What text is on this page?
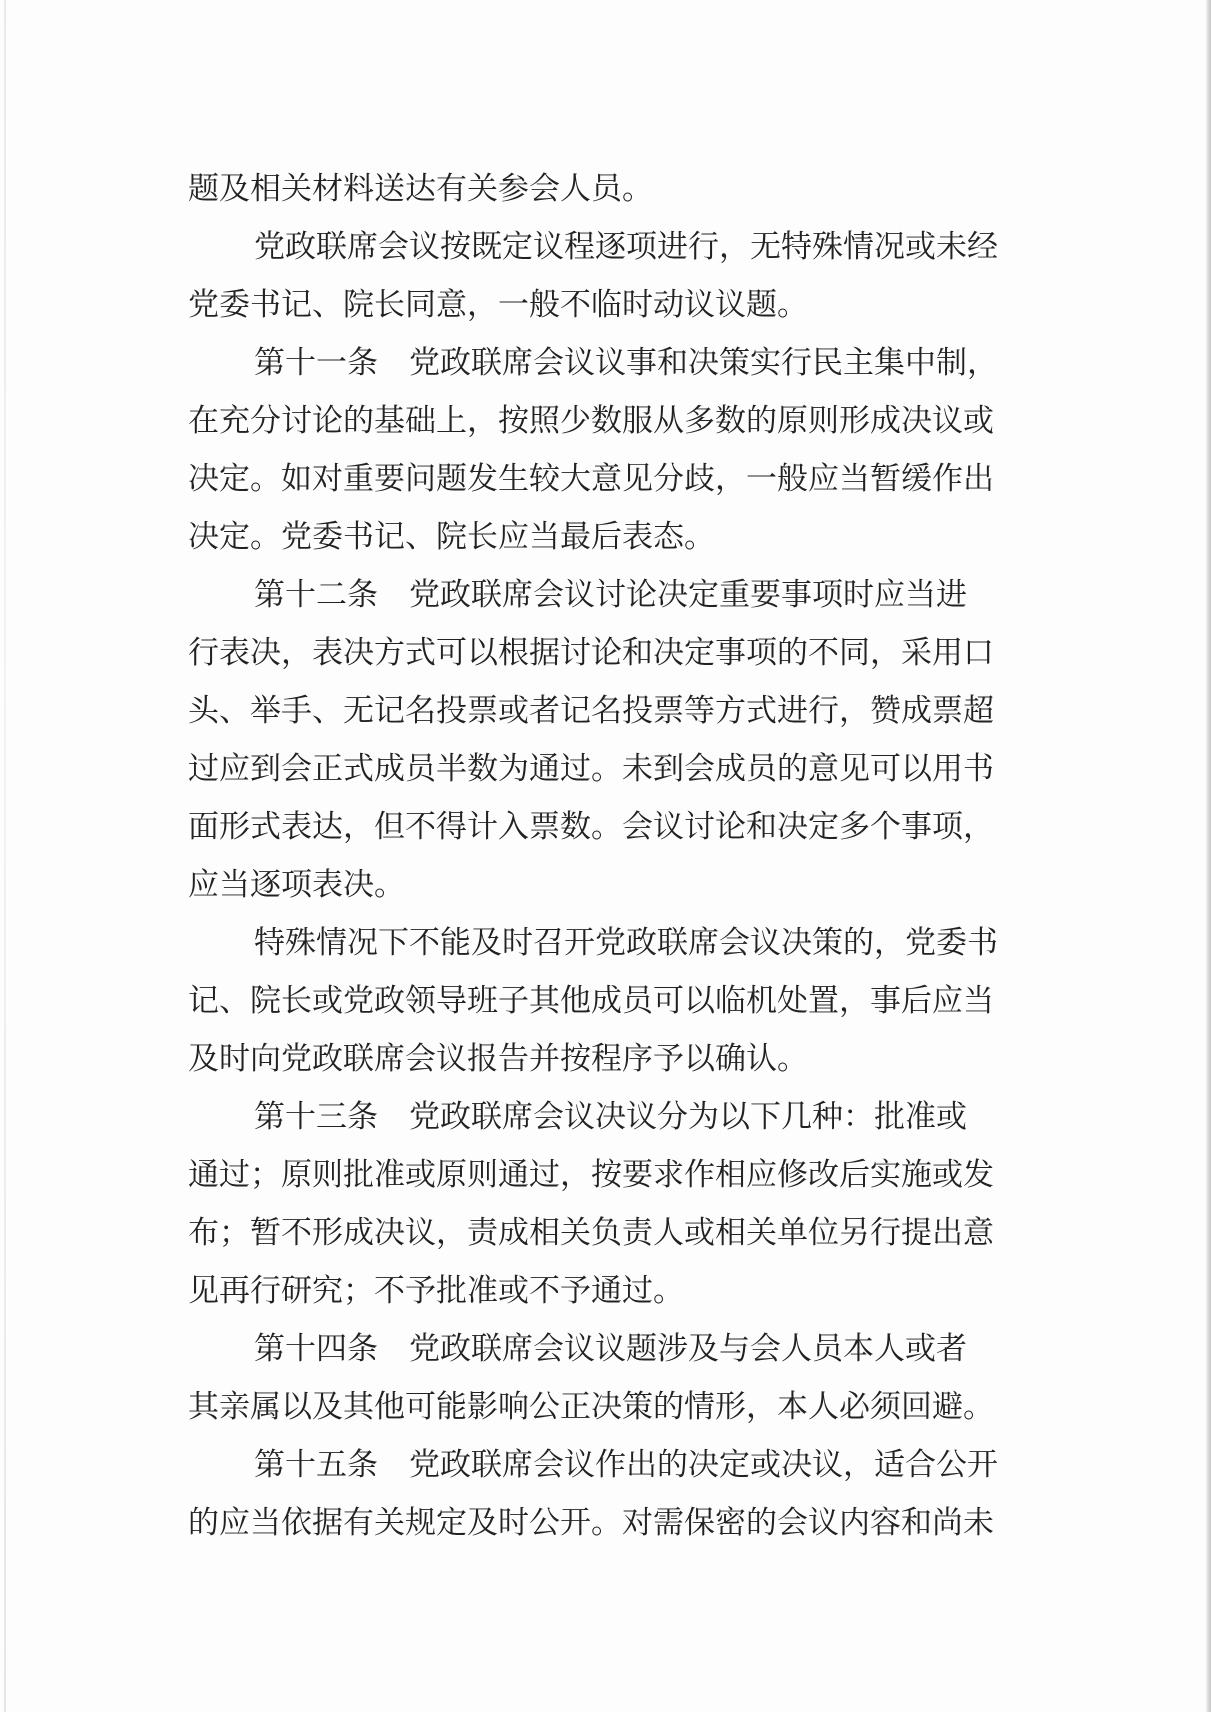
题及相关材料送达有关参会人员。
党政联席会议按既定议程逐项进行，无特殊情况或未经
党委书记、院长同意，一般不临时动议议题。
第十一条　党政联席会议议事和决策实行民主集中制，
在充分讨论的基础上，按照少数服从多数的原则形成决议或
决定。如对重要问题发生较大意见分歧，一般应当暂缓作出
决定。党委书记、院长应当最后表态。
第十二条　党政联席会议讨论决定重要事项时应当进
行表决，表决方式可以根据讨论和决定事项的不同，采用口
头、举手、无记名投票或者记名投票等方式进行，赞成票超
过应到会正式成员半数为通过。未到会成员的意见可以用书
面形式表达，但不得计入票数。会议讨论和决定多个事项，
应当逐项表决。
特殊情况下不能及时召开党政联席会议决策的，党委书
记、院长或党政领导班子其他成员可以临机处置，事后应当
及时向党政联席会议报告并按程序予以确认。
第十三条　党政联席会议决议分为以下几种：批准或
通过；原则批准或原则通过，按要求作相应修改后实施或发
布；暂不形成决议，责成相关负责人或相关单位另行提出意
见再行研究；不予批准或不予通过。
第十四条　党政联席会议议题涉及与会人员本人或者
其亲属以及其他可能影响公正决策的情形，本人必须回避。
第十五条　党政联席会议作出的决定或决议，适合公开
的应当依据有关规定及时公开。对需保密的会议内容和尚未
